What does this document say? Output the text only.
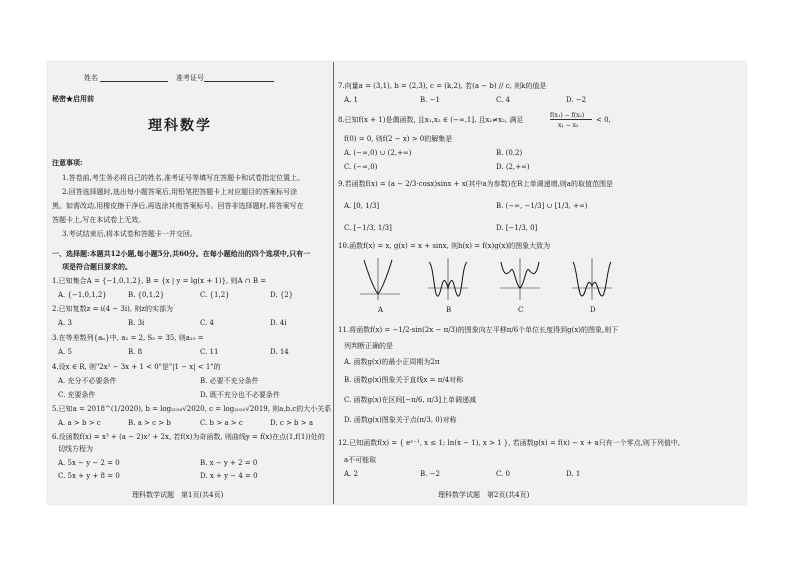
姓名	准考证号
秘密★启用前
理科数学
注意事项:
1.答卷前,考生务必将自己的姓名,准考证号等填写在答题卡和试卷指定位置上。
2.回答选择题时,选出每小题答案后,用铅笔把答题卡上对应题目的答案标号涂
黑。如需改动,用橡皮擦干净后,再选涂其他答案标号。回答非选择题时,将答案写在
答题卡上,写在本试卷上无效。
3.考试结束后,将本试卷和答题卡一并交回。
一、选择题:本题共12小题,每小题5分,共60分。在每小题给出的四个选项中,只有一
项是符合题目要求的。
1.已知集合A = {−1,0,1,2}, B = {x | y = lg(x + 1)}, 则A ∩ B =
A. {−1,0,1,2}	B. {0,1,2}	C. {1,2}	D. {2}
2.已知复数z = i(4 − 3i), 则z的实部为
A. 3	B. 3i	C. 4	D. 4i
3.在等差数列{aₙ}中, a₂ = 2, S₅ = 35, 则a₁₀ =
A. 5	B. 8	C. 11	D. 14
4.设x ∈ R, 则"2x² − 3x + 1 < 0"是"|1 − x| < 1"的
A. 充分不必要条件	B. 必要不充分条件
C. 充要条件	D. 既不充分也不必要条件
5.已知a = 2018^(1/2020), b = log₂₀₁₈√2020, c = log₂₀₂₀√2019, 则a,b,c的大小关系
A. a > b > c	B. a > c > b	C. b > a > c	D. c > b > a
6.设函数f(x) = x³ + (a − 2)x² + 2x, 若f(x)为奇函数, 则曲线y = f(x)在点(1,f(1))处的
切线方程为
A. 5x − y − 2 = 0	B. x − y + 2 = 0
C. 5x + y + 8 = 0	D. x + y − 4 = 0
理科数学试题　第1页(共4页)
7.向量a = (3,1), b = (2,3), c = (k,2), 若(a − b) // c, 则k的值是
A. 1	B. −1	C. 4	D. −2
8.已知f(x + 1)是偶函数, 且x₁,x₂ ∈ (−∞,1], 且x₁≠x₂, 满足
f(x₁) − f(x₂)
x₁ − x₂
< 0,
f(0) = 0, 则f(2 − x) > 0的解集是
A. (−∞,0) ∪ (2,+∞)	B. (0,2)
C. (−∞,0)	D. (2,+∞)
9.若函数f(x) = (a − 2/3·cosx)sinx + x(其中a为参数)在R上单调递增,则a的取值范围是
A. [0, 1/3]	B. (−∞, −1/3] ∪ [1/3, +∞)
C. [−1/3, 1/3]	D. [−1/3, 0]
10.函数f(x) = x, g(x) = x + sinx, 则h(x) = f(x)g(x)的图象大致为
A	B	C	D
11.将函数f(x) = −1/2·sin(2x − π/3)的图象向左平移π/6个单位长度得到g(x)的图象,则下
列判断正确的是
A. 函数g(x)的最小正周期为2π
B. 函数g(x)图象关于直线x = π/4对称
C. 函数g(x)在区间[−π/6, π/3]上单调递减
D. 函数g(x)图象关于点(π/3, 0)对称
12.已知函数f(x) = { eˣ⁻¹, x ≤ 1; ln(x − 1), x > 1 }, 若函数g(x) = f(x) − x + a只有一个零点,则下列值中,
a不可能取
A. 2	B. −2	C. 0	D. 1
理科数学试题　第2页(共4页)
